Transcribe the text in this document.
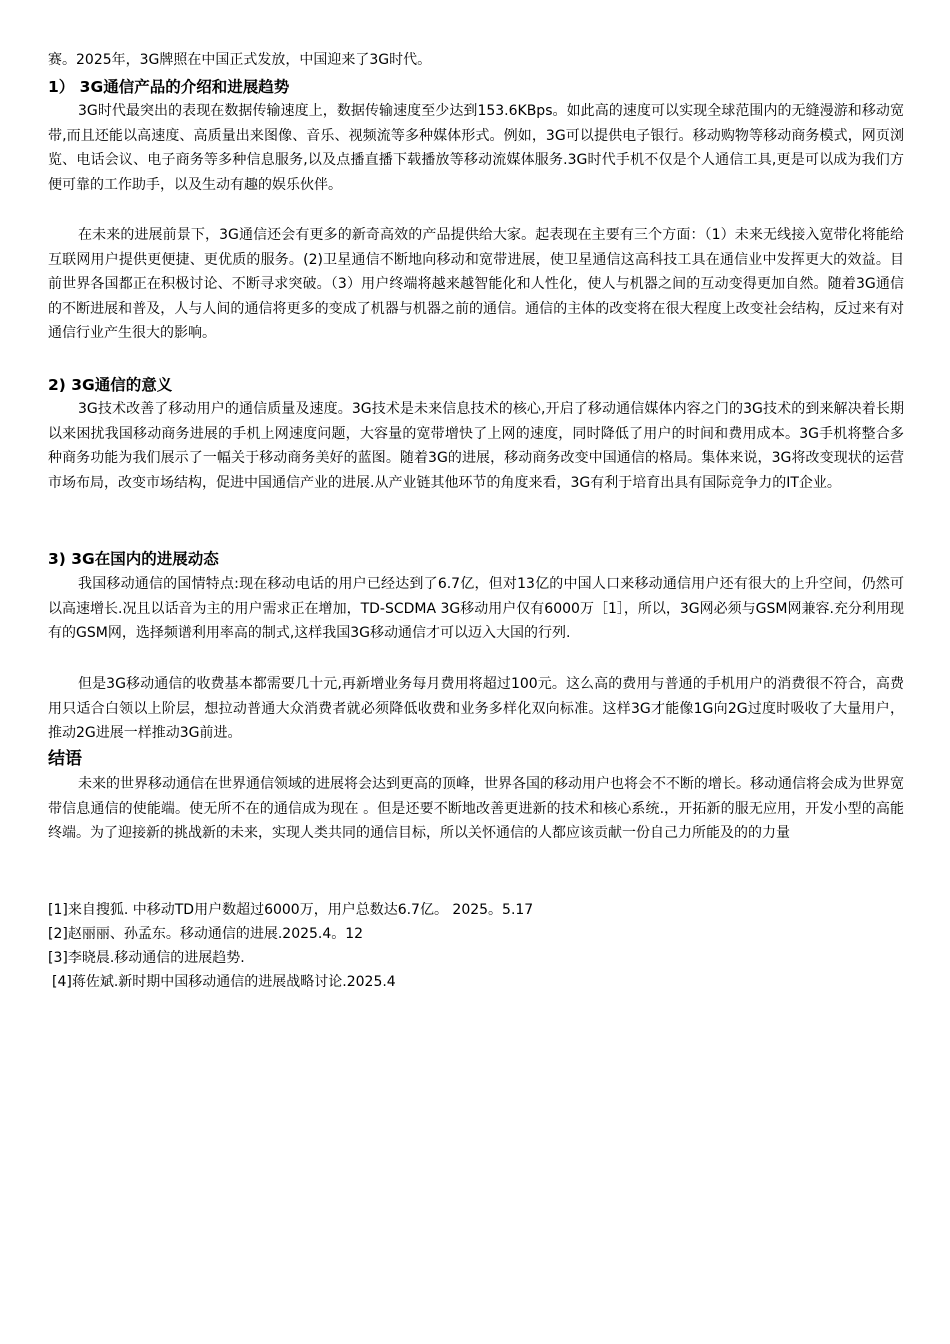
赛。2025年，3G牌照在中国正式发放，中国迎来了3G时代。
1） 3G通信产品的介绍和进展趋势
3G时代最突出的表现在数据传输速度上，数据传输速度至少达到153.6KBps。如此高的速度可以实现全球范围内的无缝漫游和移动宽带,而且还能以高速度、高质量出来图像、音乐、视频流等多种媒体形式。例如，3G可以提供电子银行。移动购物等移动商务模式，网页浏览、电话会议、电子商务等多种信息服务,以及点播直播下载播放等移动流媒体服务.3G时代手机不仅是个人通信工具,更是可以成为我们方便可靠的工作助手，以及生动有趣的娱乐伙伴。
在未来的进展前景下，3G通信还会有更多的新奇高效的产品提供给大家。起表现在主要有三个方面：（1）未来无线接入宽带化将能给互联网用户提供更便捷、更优质的服务。(2)卫星通信不断地向移动和宽带进展，使卫星通信这高科技工具在通信业中发挥更大的效益。目前世界各国都正在积极讨论、不断寻求突破。（3）用户终端将越来越智能化和人性化，使人与机器之间的互动变得更加自然。随着3G通信的不断进展和普及，人与人间的通信将更多的变成了机器与机器之前的通信。通信的主体的改变将在很大程度上改变社会结构，反过来有对通信行业产生很大的影响。
2) 3G通信的意义
3G技术改善了移动用户的通信质量及速度。3G技术是未来信息技术的核心,开启了移动通信媒体内容之门的3G技术的到来解决着长期以来困扰我国移动商务进展的手机上网速度问题，大容量的宽带增快了上网的速度，同时降低了用户的时间和费用成本。3G手机将整合多种商务功能为我们展示了一幅关于移动商务美好的蓝图。随着3G的进展，移动商务改变中国通信的格局。集体来说，3G将改变现状的运营市场布局，改变市场结构，促进中国通信产业的进展.从产业链其他环节的角度来看，3G有利于培育出具有国际竞争力的IT企业。
3) 3G在国内的进展动态
我国移动通信的国情特点:现在移动电话的用户已经达到了6.7亿，但对13亿的中国人口来移动通信用户还有很大的上升空间，仍然可以高速增长.况且以话音为主的用户需求正在增加，TD-SCDMA 3G移动用户仅有6000万［1］，所以，3G网必须与GSM网兼容.充分利用现有的GSM网，选择频谱利用率高的制式,这样我国3G移动通信才可以迈入大国的行列.
但是3G移动通信的收费基本都需要几十元,再新增业务每月费用将超过100元。这么高的费用与普通的手机用户的消费很不符合，高费用只适合白领以上阶层，想拉动普通大众消费者就必须降低收费和业务多样化双向标准。这样3G才能像1G向2G过度时吸收了大量用户，推动2G进展一样推动3G前进。
结语
未来的世界移动通信在世界通信领域的进展将会达到更高的顶峰，世界各国的移动用户也将会不不断的增长。移动通信将会成为世界宽带信息通信的使能端。使无所不在的通信成为现在 。但是还要不断地改善更进新的技术和核心系统.，开拓新的服无应用，开发小型的高能终端。为了迎接新的挑战新的未来，实现人类共同的通信目标，所以关怀通信的人都应该贡献一份自己力所能及的的力量
[1]来自搜狐. 中移动TD用户数超过6000万，用户总数达6.7亿。 2025。5.17
[2]赵丽丽、孙孟东。移动通信的进展.2025.4。12
[3]李晓晨.移动通信的进展趋势.
[4]蒋佐斌.新时期中国移动通信的进展战略讨论.2025.4
